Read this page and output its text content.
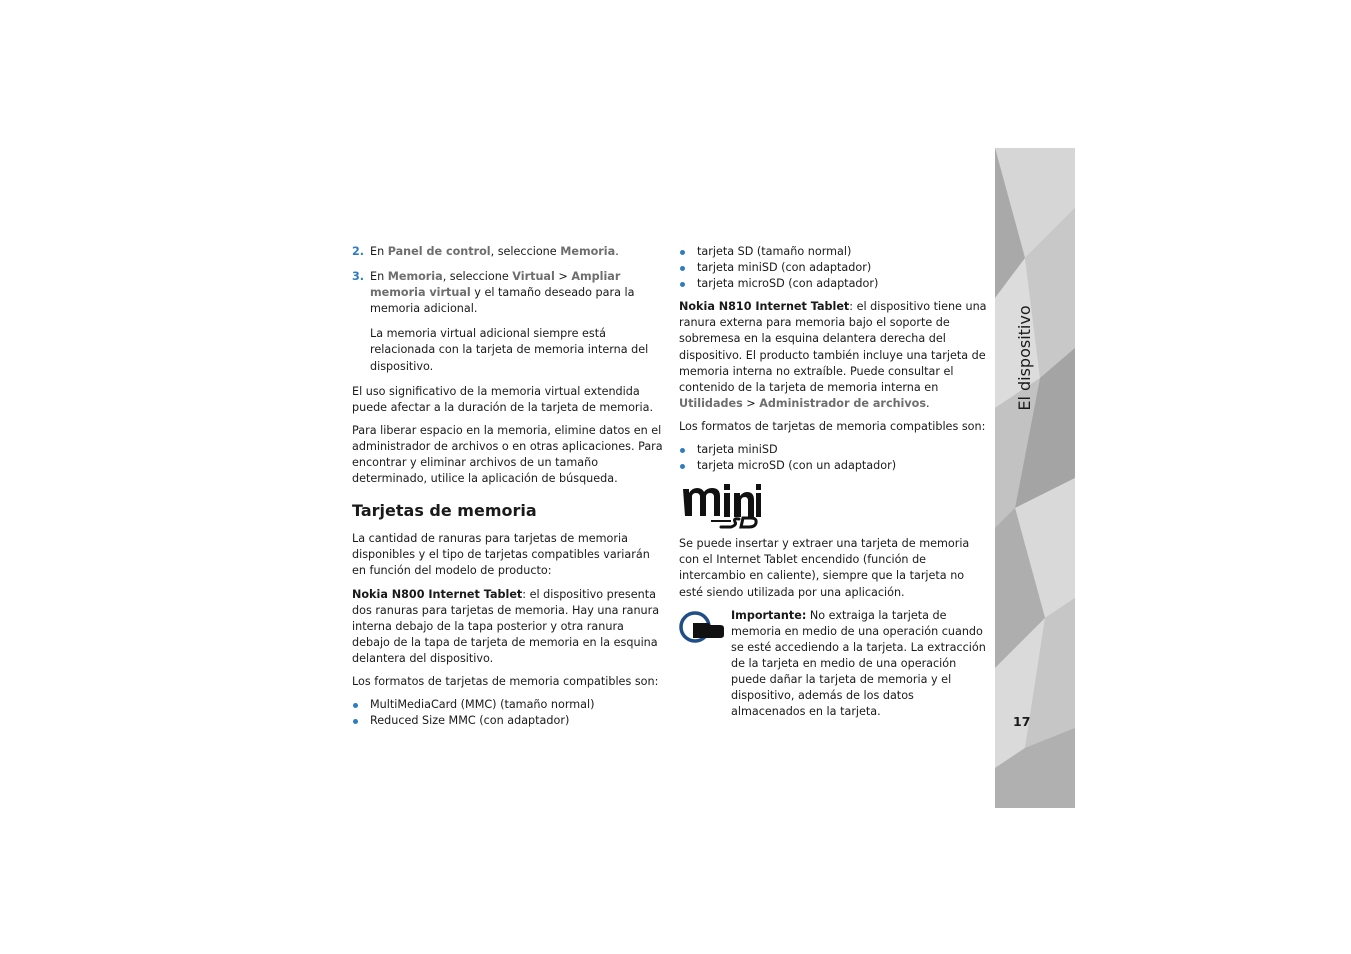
2. En Panel de control, seleccione Memoria.
3. En Memoria, seleccione Virtual > Ampliar memoria virtual y el tamaño deseado para la memoria adicional.

La memoria virtual adicional siempre está relacionada con la tarjeta de memoria interna del dispositivo.

El uso significativo de la memoria virtual extendida puede afectar a la duración de la tarjeta de memoria.

Para liberar espacio en la memoria, elimine datos en el administrador de archivos o en otras aplicaciones. Para encontrar y eliminar archivos de un tamaño determinado, utilice la aplicación de búsqueda.

Tarjetas de memoria

La cantidad de ranuras para tarjetas de memoria disponibles y el tipo de tarjetas compatibles variarán en función del modelo de producto:

Nokia N800 Internet Tablet: el dispositivo presenta dos ranuras para tarjetas de memoria. Hay una ranura interna debajo de la tapa posterior y otra ranura debajo de la tapa de tarjeta de memoria en la esquina delantera del dispositivo.

Los formatos de tarjetas de memoria compatibles son:

MultiMediaCard (MMC) (tamaño normal)
Reduced Size MMC (con adaptador)
tarjeta SD (tamaño normal)
tarjeta miniSD (con adaptador)
tarjeta microSD (con adaptador)

Nokia N810 Internet Tablet: el dispositivo tiene una ranura externa para memoria bajo el soporte de sobremesa en la esquina delantera derecha del dispositivo. El producto también incluye una tarjeta de memoria interna no extraíble. Puede consultar el contenido de la tarjeta de memoria interna en Utilidades > Administrador de archivos.

Los formatos de tarjetas de memoria compatibles son:

tarjeta miniSD
tarjeta microSD (con un adaptador)

Se puede insertar y extraer una tarjeta de memoria con el Internet Tablet encendido (función de intercambio en caliente), siempre que la tarjeta no esté siendo utilizada por una aplicación.

Importante: No extraiga la tarjeta de memoria en medio de una operación cuando se esté accediendo a la tarjeta. La extracción de la tarjeta en medio de una operación puede dañar la tarjeta de memoria y el dispositivo, además de los datos almacenados en la tarjeta.
El dispositivo
17
